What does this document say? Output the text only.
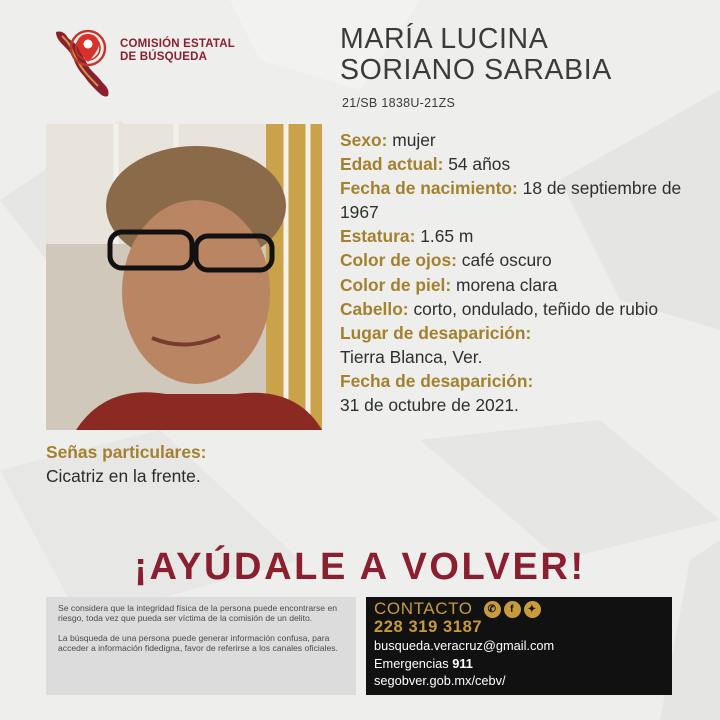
COMISIÓN ESTATAL
DE BÚSQUEDA
MARÍA LUCINA
SORIANO SARABIA
21/SB 1838U-21ZS

Sexo: mujer

Edad actual: 54 años

Fecha de nacimiento: 18 de septiembre de 1967

Estatura: 1.65 m

Color de ojos: café oscuro

Color de piel: morena clara

Cabello: corto, ondulado, teñido de rubio

Lugar de desaparición:
Tierra Blanca, Ver.

Fecha de desaparición:
31 de octubre de 2021.

Señas particulares:
Cicatriz en la frente.
¡AYÚDALE A VOLVER!

Se considera que la integridad física de la persona puede encontrarse en riesgo, toda vez que pueda ser víctima de la comisión de un delito.

La búsqueda de una persona puede generar información confusa, para acceder a información fidedigna, favor de referirse a los canales oficiales.

CONTACTO	✆	f	✦
228 319 3187
busqueda.veracruz@gmail.com
Emergencias 911
segobver.gob.mx/cebv/
